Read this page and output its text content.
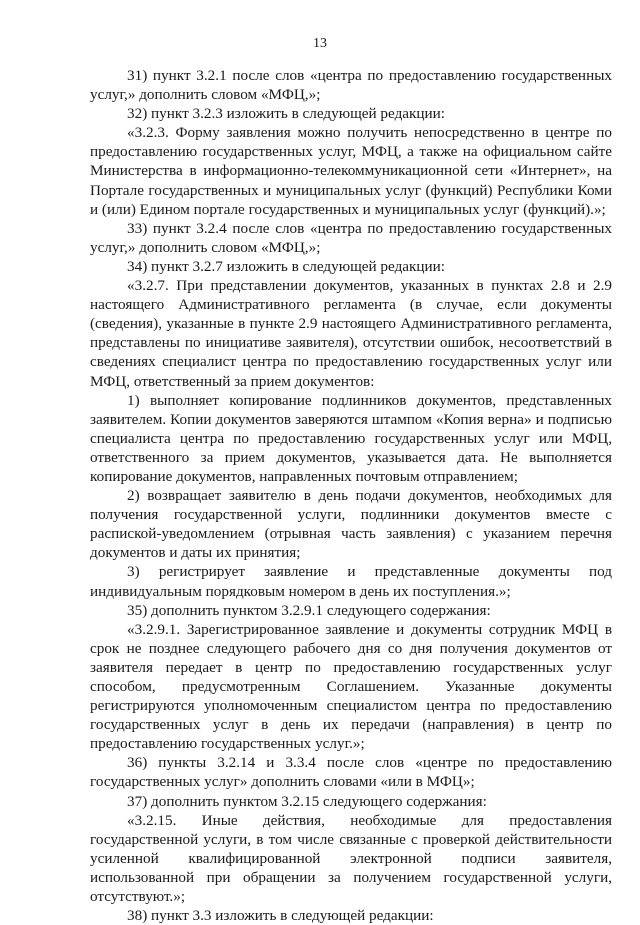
13

31) пункт 3.2.1 после слов «центра по предоставлению государственных услуг,» дополнить словом «МФЦ,»;

32) пункт 3.2.3 изложить в следующей редакции:

«3.2.3. Форму заявления можно получить непосредственно в центре по предоставлению государственных услуг, МФЦ, а также на официальном сайте Министерства в информационно-телекоммуникационной сети «Интернет», на Портале государственных и муниципальных услуг (функций) Республики Коми и (или) Едином портале государственных и муниципальных услуг (функций).»;

33) пункт 3.2.4 после слов «центра по предоставлению государственных услуг,» дополнить словом «МФЦ,»;

34) пункт 3.2.7 изложить в следующей редакции:

«3.2.7. При представлении документов, указанных в пунктах 2.8 и 2.9 настоящего Административного регламента (в случае, если документы (сведения), указанные в пункте 2.9 настоящего Административного регламента, представлены по инициативе заявителя), отсутствии ошибок, несоответствий в сведениях специалист центра по предоставлению государственных услуг или МФЦ, ответственный за прием документов:

1) выполняет копирование подлинников документов, представленных заявителем. Копии документов заверяются штампом «Копия верна» и подписью специалиста центра по предоставлению государственных услуг или МФЦ, ответственного за прием документов, указывается дата. Не выполняется копирование документов, направленных почтовым отправлением;

2) возвращает заявителю в день подачи документов, необходимых для получения государственной услуги, подлинники документов вместе с распиской-уведомлением (отрывная часть заявления) с указанием перечня документов и даты их принятия;

3) регистрирует заявление и представленные документы под индивидуальным порядковым номером в день их поступления.»;

35) дополнить пунктом 3.2.9.1 следующего содержания:

«3.2.9.1. Зарегистрированное заявление и документы сотрудник МФЦ в срок не позднее следующего рабочего дня со дня получения документов от заявителя передает в центр по предоставлению государственных услуг способом, предусмотренным Соглашением. Указанные документы регистрируются уполномоченным специалистом центра по предоставлению государственных услуг в день их передачи (направления) в центр по предоставлению государственных услуг.»;

36) пункты 3.2.14 и 3.3.4 после слов «центре по предоставлению государственных услуг» дополнить словами «или в МФЦ»;

37) дополнить пунктом 3.2.15 следующего содержания:

«3.2.15. Иные действия, необходимые для предоставления государственной услуги, в том числе связанные с проверкой действительности усиленной квалифицированной электронной подписи заявителя, использованной при обращении за получением государственной услуги, отсутствуют.»;

38) пункт 3.3 изложить в следующей редакции:
